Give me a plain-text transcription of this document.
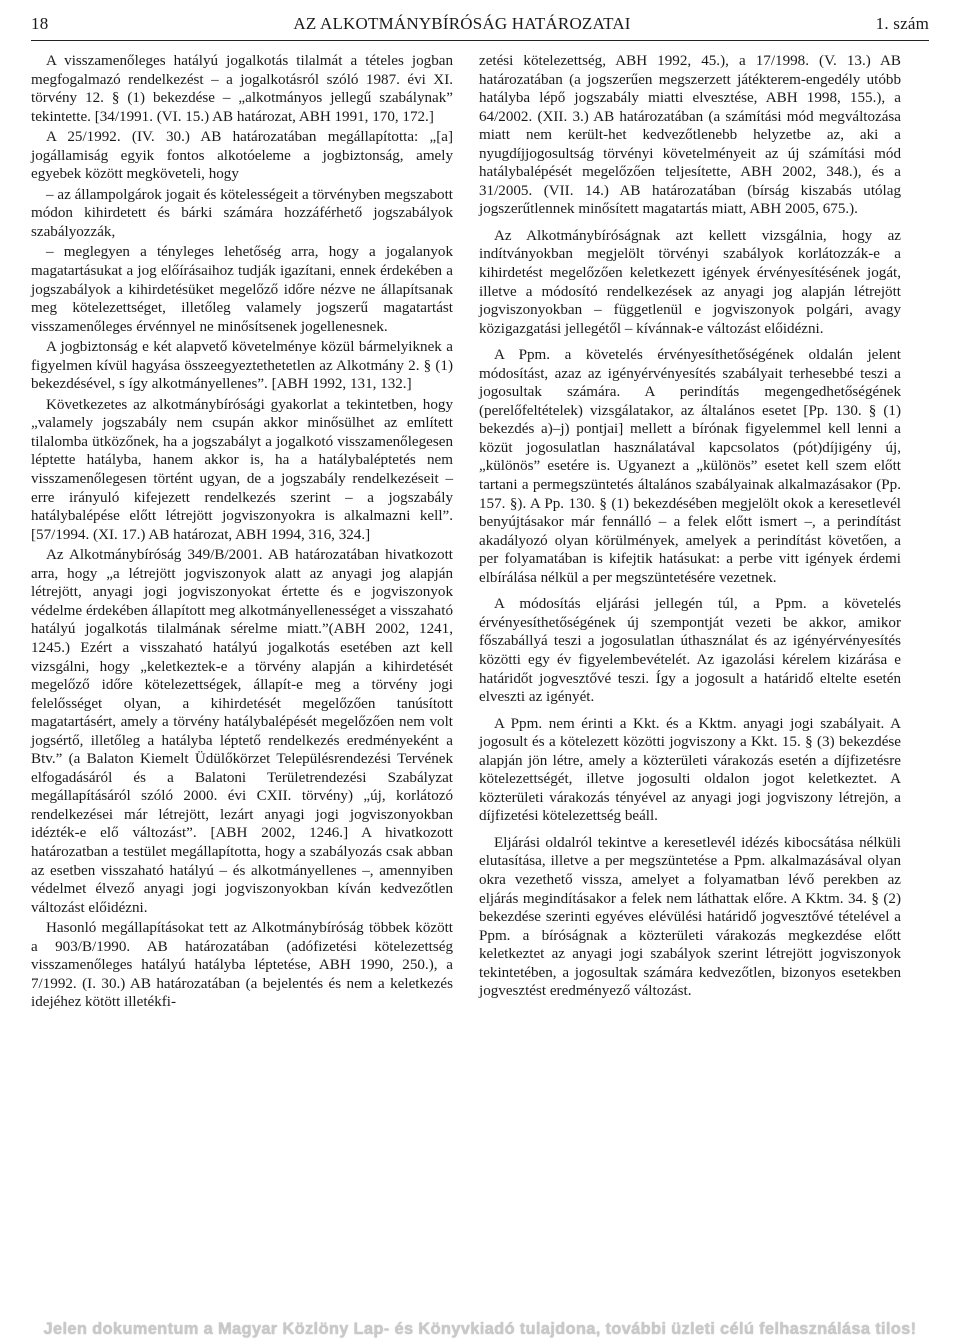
18	AZ ALKOTMÁNYBÍRÓSÁG HATÁROZATAI	1. szám

A visszamenőleges hatályú jogalkotás tilalmát a tételes jogban megfogalmazó rendelkezést – a jogalkotásról szóló 1987. évi XI. törvény 12. § (1) bekezdése – „alkotmányos jellegű szabálynak” tekintette. [34/1991. (VI. 15.) AB határozat, ABH 1991, 170, 172.]

A 25/1992. (IV. 30.) AB határozatában megállapította: „[a] jogállamiság egyik fontos alkotóeleme a jogbiztonság, amely egyebek között megköveteli, hogy

– az állampolgárok jogait és kötelességeit a törvényben megszabott módon kihirdetett és bárki számára hozzáférhető jogszabályok szabályozzák,

– meglegyen a tényleges lehetőség arra, hogy a jogalanyok magatartásukat a jog előírásaihoz tudják igazítani, ennek érdekében a jogszabályok a kihirdetésüket megelőző időre nézve ne állapítsanak meg kötelezettséget, illetőleg valamely jogszerű magatartást visszamenőleges érvénnyel ne minősítsenek jogellenesnek.

A jogbiztonság e két alapvető követelménye közül bármelyiknek a figyelmen kívül hagyása összeegyeztethetetlen az Alkotmány 2. § (1) bekezdésével, s így alkotmányellenes”. [ABH 1992, 131, 132.]

Következetes az alkotmánybírósági gyakorlat a tekintetben, hogy „valamely jogszabály nem csupán akkor minősülhet az említett tilalomba ütközőnek, ha a jogszabályt a jogalkotó visszamenőlegesen léptette hatályba, hanem akkor is, ha a hatálybaléptetés nem visszamenőlegesen történt ugyan, de a jogszabály rendelkezéseit – erre irányuló kifejezett rendelkezés szerint – a jogszabály hatálybalépése előtt létrejött jogviszonyokra is alkalmazni kell”. [57/1994. (XI. 17.) AB határozat, ABH 1994, 316, 324.]

Az Alkotmánybíróság 349/B/2001. AB határozatában hivatkozott arra, hogy „a létrejött jogviszonyok alatt az anyagi jog alapján létrejött, anyagi jogi jogviszonyokat értette és e jogviszonyok védelme érdekében állapított meg alkotmányellenességet a visszaható hatályú jogalkotás tilalmának sérelme miatt.”(ABH 2002, 1241, 1245.) Ezért a visszaható hatályú jogalkotás esetében azt kell vizsgálni, hogy „keletkeztek-e a törvény alapján a kihirdetését megelőző időre kötelezettségek, állapít-e meg a törvény jogi felelősséget olyan, a kihirdetését megelőzően tanúsított magatartásért, amely a törvény hatálybalépését megelőzően nem volt jogsértő, illetőleg a hatályba léptető rendelkezés eredményeként a Btv.” (a Balaton Kiemelt Üdülőkörzet Településrendezési Tervének elfogadásáról és a Balatoni Területrendezési Szabályzat megállapításáról szóló 2000. évi CXII. törvény) „új, korlátozó rendelkezései már létrejött, lezárt anyagi jogi jogviszonyokban idézték-e elő változást”. [ABH 2002, 1246.] A hivatkozott határozatban a testület megállapította, hogy a szabályozás csak abban az esetben visszaható hatályú – és alkotmányellenes –, amennyiben védelmet élvező anyagi jogi jogviszonyokban kíván kedvezőtlen változást előidézni.

Hasonló megállapításokat tett az Alkotmánybíróság többek között a 903/B/1990. AB határozatában (adófizetési kötelezettség visszamenőleges hatályú hatályba léptetése, ABH 1990, 250.), a 7/1992. (I. 30.) AB határozatában (a bejelentés és nem a keletkezés idejéhez kötött illetékfi-

zetési kötelezettség, ABH 1992, 45.), a 17/1998. (V. 13.) AB határozatában (a jogszerűen megszerzett játékterem-engedély utóbb hatályba lépő jogszabály miatti elvesztése, ABH 1998, 155.), a 64/2002. (XII. 3.) AB határozatában (a számítási mód megváltozása miatt nem került-het kedvezőtlenebb helyzetbe az, aki a nyugdíjjogosultság törvényi követelményeit az új számítási mód hatálybalépését megelőzően teljesítette, ABH 2002, 348.), és a 31/2005. (VII. 14.) AB határozatában (bírság kiszabás utólag jogszerűtlennek minősített magatartás miatt, ABH 2005, 675.).

Az Alkotmánybíróságnak azt kellett vizsgálnia, hogy az indítványokban megjelölt törvényi szabályok korlátozzák-e a kihirdetést megelőzően keletkezett igények érvényesítésének jogát, illetve a módosító rendelkezések az anyagi jog alapján létrejött jogviszonyokban – függetlenül e jogviszonyok polgári, avagy közigazgatási jellegétől – kívánnak-e változást előidézni.

A Ppm. a követelés érvényesíthetőségének oldalán jelent módosítást, azaz az igényérvényesítés szabályait terhesebbé teszi a jogosultak számára. A perindítás megengedhetőségének (perelőfeltételek) vizsgálatakor, az általános esetet [Pp. 130. § (1) bekezdés a)–j) pontjai] mellett a bírónak figyelemmel kell lenni a közüt jogosulatlan használatával kapcsolatos (pót)díjigény új, „különös” esetére is. Ugyanezt a „különös” esetet kell szem előtt tartani a permegszüntetés általános szabályainak alkalmazásakor (Pp. 157. §). A Pp. 130. § (1) bekezdésében megjelölt okok a keresetlevél benyújtásakor már fennálló – a felek előtt ismert –, a perindítást akadályozó olyan körülmények, amelyek a perindítást követően, a per folyamatában is kifejtik hatásukat: a perbe vitt igények érdemi elbírálása nélkül a per megszüntetésére vezetnek.

A módosítás eljárási jellegén túl, a Ppm. a követelés érvényesíthetőségének új szempontját vezeti be akkor, amikor főszabállyá teszi a jogosulatlan úthasználat és az igényérvényesítés közötti egy év figyelembevételét. Az igazolási kérelem kizárása e határidőt jogvesztővé teszi. Így a jogosult a határidő eltelte esetén elveszti az igényét.

A Ppm. nem érinti a Kkt. és a Kktm. anyagi jogi szabályait. A jogosult és a kötelezett közötti jogviszony a Kkt. 15. § (3) bekezdése alapján jön létre, amely a közterületi várakozás esetén a díjfizetésre kötelezettségét, illetve jogosulti oldalon jogot keletkeztet. A közterületi várakozás tényével az anyagi jogi jogviszony létrejön, a díjfizetési kötelezettség beáll.

Eljárási oldalról tekintve a keresetlevél idézés kibocsátása nélküli elutasítása, illetve a per megszüntetése a Ppm. alkalmazásával olyan okra vezethető vissza, amelyet a folyamatban lévő perekben az eljárás megindításakor a felek nem láthattak előre. A Kktm. 34. § (2) bekezdése szerinti egyéves elévülési határidő jogvesztővé tételével a Ppm. a bíróságnak a közterületi várakozás megkezdése előtt keletkeztet az anyagi jogi szabályok szerint létrejött jogviszonyok tekintetében, a jogosultak számára kedvezőtlen, bizonyos esetekben jogvesztést eredményező változást.

Jelen dokumentum a Magyar Közlöny Lap- és Könyvkiadó tulajdona, további üzleti célú felhasználása tilos!
